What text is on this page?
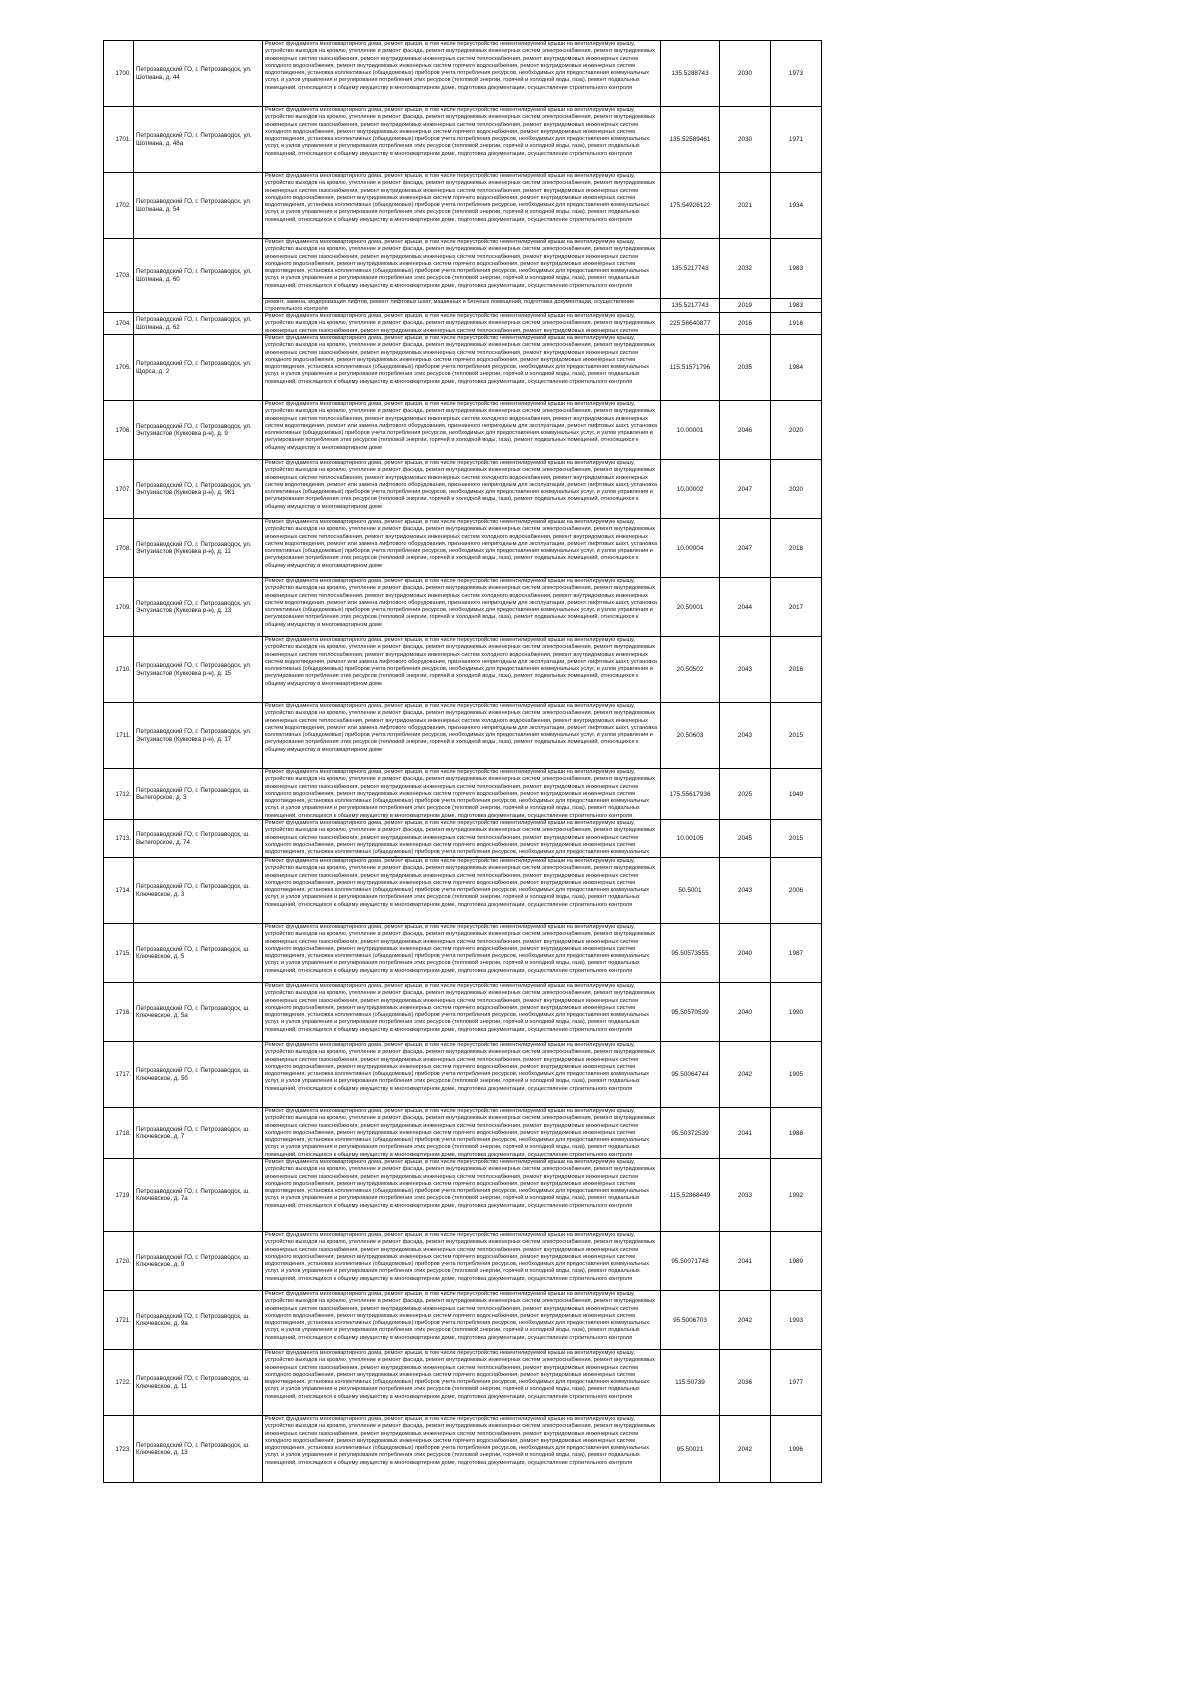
1700.	Петрозаводский ГО, г. Петрозаводск, ул. Шотмана, д. 44	Ремонт фундамента многоквартирного дома, ремонт крыши, в том числе переустройство невентилируемой крыши на вентилируемую крышу, устройство выходов на кровлю, утепление и ремонт фасада, ремонт внутридомовых инженерных систем электроснабжения, ремонт внутридомовых инженерных систем газоснабжения, ремонт внутридомовых инженерных систем теплоснабжения, ремонт внутридомовых инженерных систем холодного водоснабжения, ремонт внутридомовых инженерных систем горячего водоснабжения, ремонт внутридомовых инженерных систем водоотведения, установка коллективных (общедомовых) приборов учета потребления ресурсов, необходимых для предоставления коммунальных услуг, и узлов управления и регулирования потребления этих ресурсов (тепловой энергии, горячей и холодной воды, газа), ремонт подвальных помещений, относящихся к общему имуществу в многоквартирном доме, подготовка документации, осуществление строительного контроля	135.5288743	2030	1973
1701.	Петрозаводский ГО, г. Петрозаводск, ул. Шотмана, д. 48а	Ремонт фундамента многоквартирного дома, ремонт крыши, в том числе переустройство невентилируемой крыши на вентилируемую крышу, устройство выходов на кровлю, утепление и ремонт фасада, ремонт внутридомовых инженерных систем электроснабжения, ремонт внутридомовых инженерных систем газоснабжения, ремонт внутридомовых инженерных систем теплоснабжения, ремонт внутридомовых инженерных систем холодного водоснабжения, ремонт внутридомовых инженерных систем горячего водоснабжения, ремонт внутридомовых инженерных систем водоотведения, установка коллективных (общедомовых) приборов учета потребления ресурсов, необходимых для предоставления коммунальных услуг, и узлов управления и регулирования потребления этих ресурсов (тепловой энергии, горячей и холодной воды, газа), ремонт подвальных помещений, относящихся к общему имуществу в многоквартирном доме, подготовка документации, осуществление строительного контроля	135.52589461	2030	1971
1702.	Петрозаводский ГО, г. Петрозаводск, ул. Шотмана, д. 54	Ремонт фундамента многоквартирного дома, ремонт крыши, в том числе переустройство невентилируемой крыши на вентилируемую крышу, устройство выходов на кровлю, утепление и ремонт фасада, ремонт внутридомовых инженерных систем электроснабжения, ремонт внутридомовых инженерных систем газоснабжения, ремонт внутридомовых инженерных систем теплоснабжения, ремонт внутридомовых инженерных систем холодного водоснабжения, ремонт внутридомовых инженерных систем горячего водоснабжения, ремонт внутридомовых инженерных систем водоотведения, установка коллективных (общедомовых) приборов учета потребления ресурсов, необходимых для предоставления коммунальных услуг, и узлов управления и регулирования потребления этих ресурсов (тепловой энергии, горячей и холодной воды, газа), ремонт подвальных помещений, относящихся к общему имуществу в многоквартирном доме, подготовка документации, осуществление строительного контроля	175.54926122	2021	1934
1703.	Петрозаводский ГО, г. Петрозаводск, ул. Шотмана, д. 60	Ремонт фундамента многоквартирного дома, ремонт крыши, в том числе переустройство невентилируемой крыши на вентилируемую крышу, устройство выходов на кровлю, утепление и ремонт фасада, ремонт внутридомовых инженерных систем электроснабжения, ремонт внутридомовых инженерных систем газоснабжения, ремонт внутридомовых инженерных систем теплоснабжения, ремонт внутридомовых инженерных систем холодного водоснабжения, ремонт внутридомовых инженерных систем горячего водоснабжения, ремонт внутридомовых инженерных систем водоотведения, установка коллективных (общедомовых) приборов учета потребления ресурсов, необходимых для предоставления коммунальных услуг, и узлов управления и регулирования потребления этих ресурсов (тепловой энергии, горячей и холодной воды, газа), ремонт подвальных помещений, относящихся к общему имуществу в многоквартирном доме, подготовка документации, осуществление строительного контроля	135.5217743	2032	1983

		ремонт, замена, модернизация лифтов, ремонт лифтовых шахт, машинных и блочных помещений, подготовка документации, осуществление строительного контроля	135.5217743	2019	1983
1704.	Петрозаводский ГО, г. Петрозаводск, ул. Шотмана, д. 62	Ремонт фундамента многоквартирного дома, ремонт крыши, в том числе переустройство невентилируемой крыши на вентилируемую крышу, устройство выходов на кровлю, утепление и ремонт фасада, ремонт внутридомовых инженерных систем электроснабжения, ремонт внутридомовых инженерных систем газоснабжения, ремонт внутридомовых инженерных систем теплоснабжения, ремонт внутридомовых инженерных систем	225.56640877	2016	1916
1705.	Петрозаводский ГО, г. Петрозаводск, ул. Щорса, д. 2	Ремонт фундамента многоквартирного дома, ремонт крыши, в том числе переустройство невентилируемой крыши на вентилируемую крышу, устройство выходов на кровлю, утепление и ремонт фасада, ремонт внутридомовых инженерных систем электроснабжения, ремонт внутридомовых инженерных систем газоснабжения, ремонт внутридомовых инженерных систем теплоснабжения, ремонт внутридомовых инженерных систем холодного водоснабжения, ремонт внутридомовых инженерных систем горячего водоснабжения, ремонт внутридомовых инженерных систем водоотведения, установка коллективных (общедомовых) приборов учета потребления ресурсов, необходимых для предоставления коммунальных услуг, и узлов управления и регулирования потребления этих ресурсов (тепловой энергии, горячей и холодной воды, газа), ремонт подвальных помещений, относящихся к общему имуществу в многоквартирном доме, подготовка документации, осуществление строительного контроля	115.51571796	2035	1984
1706.	Петрозаводский ГО, г. Петрозаводск, ул. Энтузиастов (Кукковка р-н), д. 9	Ремонт фундамента многоквартирного дома, ремонт крыши, в том числе переустройство невентилируемой крыши на вентилируемую крышу, устройство выходов на кровлю, утепление и ремонт фасада, ремонт внутридомовых инженерных систем электроснабжения, ремонт внутридомовых инженерных систем теплоснабжения, ремонт внутридомовых инженерных систем холодного водоснабжения, ремонт внутридомовых инженерных систем водоотведения, ремонт или замена лифтового оборудования, признанного непригодным для эксплуатации, ремонт лифтовых шахт, установка коллективных (общедомовых) приборов учета потребления ресурсов, необходимых для предоставления коммунальных услуг, и узлов управления и регулирования потребления этих ресурсов (тепловой энергии, горячей и холодной воды, газа), ремонт подвальных помещений, относящихся к общему имуществу в многоквартирном доме	10.00001	2046	2020
1707.	Петрозаводский ГО, г. Петрозаводск, ул. Энтузиастов (Кукковка р-н), д. 9К1	Ремонт фундамента многоквартирного дома, ремонт крыши, в том числе переустройство невентилируемой крыши на вентилируемую крышу, устройство выходов на кровлю, утепление и ремонт фасада, ремонт внутридомовых инженерных систем электроснабжения, ремонт внутридомовых инженерных систем теплоснабжения, ремонт внутридомовых инженерных систем холодного водоснабжения, ремонт внутридомовых инженерных систем водоотведения, ремонт или замена лифтового оборудования, признанного непригодным для эксплуатации, ремонт лифтовых шахт, установка коллективных (общедомовых) приборов учета потребления ресурсов, необходимых для предоставления коммунальных услуг, и узлов управления и регулирования потребления этих ресурсов (тепловой энергии, горячей и холодной воды, газа), ремонт подвальных помещений, относящихся к общему имуществу в многоквартирном доме	10.00002	2047	2020
1708.	Петрозаводский ГО, г. Петрозаводск, ул. Энтузиастов (Кукковка р-н), д. 11	Ремонт фундамента многоквартирного дома, ремонт крыши, в том числе переустройство невентилируемой крыши на вентилируемую крышу, устройство выходов на кровлю, утепление и ремонт фасада, ремонт внутридомовых инженерных систем электроснабжения, ремонт внутридомовых инженерных систем теплоснабжения, ремонт внутридомовых инженерных систем холодного водоснабжения, ремонт внутридомовых инженерных систем водоотведения, ремонт или замена лифтового оборудования, признанного непригодным для эксплуатации, ремонт лифтовых шахт, установка коллективных (общедомовых) приборов учета потребления ресурсов, необходимых для предоставления коммунальных услуг, и узлов управления и регулирования потребления этих ресурсов (тепловой энергии, горячей и холодной воды, газа), ремонт подвальных помещений, относящихся к общему имуществу в многоквартирном доме	10.00004	2047	2018
1709.	Петрозаводский ГО, г. Петрозаводск, ул. Энтузиастов (Кукковка р-н), д. 13	Ремонт фундамента многоквартирного дома, ремонт крыши, в том числе переустройство невентилируемой крыши на вентилируемую крышу, устройство выходов на кровлю, утепление и ремонт фасада, ремонт внутридомовых инженерных систем электроснабжения, ремонт внутридомовых инженерных систем теплоснабжения, ремонт внутридомовых инженерных систем холодного водоснабжения, ремонт внутридомовых инженерных систем водоотведения, ремонт или замена лифтового оборудования, признанного непригодным для эксплуатации, ремонт лифтовых шахт, установка коллективных (общедомовых) приборов учета потребления ресурсов, необходимых для предоставления коммунальных услуг, и узлов управления и регулирования потребления этих ресурсов (тепловой энергии, горячей и холодной воды, газа), ремонт подвальных помещений, относящихся к общему имуществу в многоквартирном доме	20.50001	2044	2017
1710.	Петрозаводский ГО, г. Петрозаводск, ул. Энтузиастов (Кукковка р-н), д. 15	Ремонт фундамента многоквартирного дома, ремонт крыши, в том числе переустройство невентилируемой крыши на вентилируемую крышу, устройство выходов на кровлю, утепление и ремонт фасада, ремонт внутридомовых инженерных систем электроснабжения, ремонт внутридомовых инженерных систем теплоснабжения, ремонт внутридомовых инженерных систем холодного водоснабжения, ремонт внутридомовых инженерных систем водоотведения, ремонт или замена лифтового оборудования, признанного непригодным для эксплуатации, ремонт лифтовых шахт, установка коллективных (общедомовых) приборов учета потребления ресурсов, необходимых для предоставления коммунальных услуг, и узлов управления и регулирования потребления этих ресурсов (тепловой энергии, горячей и холодной воды, газа), ремонт подвальных помещений, относящихся к общему имуществу в многоквартирном доме	20.50502	2043	2016
1711.	Петрозаводский ГО, г. Петрозаводск, ул. Энтузиастов (Кукковка р-н), д. 17	Ремонт фундамента многоквартирного дома, ремонт крыши, в том числе переустройство невентилируемой крыши на вентилируемую крышу, устройство выходов на кровлю, утепление и ремонт фасада, ремонт внутридомовых инженерных систем электроснабжения, ремонт внутридомовых инженерных систем теплоснабжения, ремонт внутридомовых инженерных систем холодного водоснабжения, ремонт внутридомовых инженерных систем водоотведения, ремонт или замена лифтового оборудования, признанного непригодным для эксплуатации, ремонт лифтовых шахт, установка коллективных (общедомовых) приборов учета потребления ресурсов, необходимых для предоставления коммунальных услуг, и узлов управления и регулирования потребления этих ресурсов (тепловой энергии, горячей и холодной воды, газа), ремонт подвальных помещений, относящихся к общему имуществу в многоквартирном доме	20.50603	2043	2015
1712.	Петрозаводский ГО, г. Петрозаводск, ш. Вытегорское, д. 3	Ремонт фундамента многоквартирного дома, ремонт крыши, в том числе переустройство невентилируемой крыши на вентилируемую крышу, устройство выходов на кровлю, утепление и ремонт фасада, ремонт внутридомовых инженерных систем электроснабжения, ремонт внутридомовых инженерных систем газоснабжения, ремонт внутридомовых инженерных систем теплоснабжения, ремонт внутридомовых инженерных систем холодного водоснабжения, ремонт внутридомовых инженерных систем горячего водоснабжения, ремонт внутридомовых инженерных систем водоотведения, установка коллективных (общедомовых) приборов учета потребления ресурсов, необходимых для предоставления коммунальных услуг, и узлов управления и регулирования потребления этих ресурсов (тепловой энергии, горячей и холодной воды, газа), ремонт подвальных помещений, относящихся к общему имуществу в многоквартирном доме, подготовка документации, осуществление строительного контроля	175.55617936	2025	1949
1713.	Петрозаводский ГО, г. Петрозаводск, ш. Вытегорское, д. 74	Ремонт фундамента многоквартирного дома, ремонт крыши, в том числе переустройство невентилируемой крыши на вентилируемую крышу, устройство выходов на кровлю, утепление и ремонт фасада, ремонт внутридомовых инженерных систем электроснабжения, ремонт внутридомовых инженерных систем газоснабжения, ремонт внутридомовых инженерных систем теплоснабжения, ремонт внутридомовых инженерных систем холодного водоснабжения, ремонт внутридомовых инженерных систем горячего водоснабжения, ремонт внутридомовых инженерных систем водоотведения, установка коллективных (общедомовых) приборов учета потребления ресурсов, необходимых для предоставления коммунальных	10.00105	2045	2015
1714.	Петрозаводский ГО, г. Петрозаводск, ш. Ключевское, д. 3	Ремонт фундамента многоквартирного дома, ремонт крыши, в том числе переустройство невентилируемой крыши на вентилируемую крышу, устройство выходов на кровлю, утепление и ремонт фасада, ремонт внутридомовых инженерных систем электроснабжения, ремонт внутридомовых инженерных систем газоснабжения, ремонт внутридомовых инженерных систем теплоснабжения, ремонт внутридомовых инженерных систем холодного водоснабжения, ремонт внутридомовых инженерных систем горячего водоснабжения, ремонт внутридомовых инженерных систем водоотведения, установка коллективных (общедомовых) приборов учета потребления ресурсов, необходимых для предоставления коммунальных услуг, и узлов управления и регулирования потребления этих ресурсов (тепловой энергии, горячей и холодной воды, газа), ремонт подвальных помещений, относящихся к общему имуществу в многоквартирном доме, подготовка документации, осуществление строительного контроля	50.5001	2043	2006
1715.	Петрозаводский ГО, г. Петрозаводск, ш. Ключевское, д. 5	Ремонт фундамента многоквартирного дома, ремонт крыши, в том числе переустройство невентилируемой крыши на вентилируемую крышу, устройство выходов на кровлю, утепление и ремонт фасада, ремонт внутридомовых инженерных систем электроснабжения, ремонт внутридомовых инженерных систем газоснабжения, ремонт внутридомовых инженерных систем теплоснабжения, ремонт внутридомовых инженерных систем холодного водоснабжения, ремонт внутридомовых инженерных систем горячего водоснабжения, ремонт внутридомовых инженерных систем водоотведения, установка коллективных (общедомовых) приборов учета потребления ресурсов, необходимых для предоставления коммунальных услуг, и узлов управления и регулирования потребления этих ресурсов (тепловой энергии, горячей и холодной воды, газа), ремонт подвальных помещений, относящихся к общему имуществу в многоквартирном доме, подготовка документации, осуществление строительного контроля	95.50573555	2040	1987
1716.	Петрозаводский ГО, г. Петрозаводск, ш. Ключевское, д. 5а	Ремонт фундамента многоквартирного дома, ремонт крыши, в том числе переустройство невентилируемой крыши на вентилируемую крышу, устройство выходов на кровлю, утепление и ремонт фасада, ремонт внутридомовых инженерных систем электроснабжения, ремонт внутридомовых инженерных систем газоснабжения, ремонт внутридомовых инженерных систем теплоснабжения, ремонт внутридомовых инженерных систем холодного водоснабжения, ремонт внутридомовых инженерных систем горячего водоснабжения, ремонт внутридомовых инженерных систем водоотведения, установка коллективных (общедомовых) приборов учета потребления ресурсов, необходимых для предоставления коммунальных услуг, и узлов управления и регулирования потребления этих ресурсов (тепловой энергии, горячей и холодной воды, газа), ремонт подвальных помещений, относящихся к общему имуществу в многоквартирном доме, подготовка документации, осуществление строительного контроля	95.50570539	2040	1990
1717.	Петрозаводский ГО, г. Петрозаводск, ш. Ключевское, д. 5б	Ремонт фундамента многоквартирного дома, ремонт крыши, в том числе переустройство невентилируемой крыши на вентилируемую крышу, устройство выходов на кровлю, утепление и ремонт фасада, ремонт внутридомовых инженерных систем электроснабжения, ремонт внутридомовых инженерных систем газоснабжения, ремонт внутридомовых инженерных систем теплоснабжения, ремонт внутридомовых инженерных систем холодного водоснабжения, ремонт внутридомовых инженерных систем горячего водоснабжения, ремонт внутридомовых инженерных систем водоотведения, установка коллективных (общедомовых) приборов учета потребления ресурсов, необходимых для предоставления коммунальных услуг, и узлов управления и регулирования потребления этих ресурсов (тепловой энергии, горячей и холодной воды, газа), ремонт подвальных помещений, относящихся к общему имуществу в многоквартирном доме, подготовка документации, осуществление строительного контроля	95.50064744	2042	1995
1718.	Петрозаводский ГО, г. Петрозаводск, ш. Ключевское, д. 7	Ремонт фундамента многоквартирного дома, ремонт крыши, в том числе переустройство невентилируемой крыши на вентилируемую крышу, устройство выходов на кровлю, утепление и ремонт фасада, ремонт внутридомовых инженерных систем электроснабжения, ремонт внутридомовых инженерных систем газоснабжения, ремонт внутридомовых инженерных систем теплоснабжения, ремонт внутридомовых инженерных систем холодного водоснабжения, ремонт внутридомовых инженерных систем горячего водоснабжения, ремонт внутридомовых инженерных систем водоотведения, установка коллективных (общедомовых) приборов учета потребления ресурсов, необходимых для предоставления коммунальных услуг, и узлов управления и регулирования потребления этих ресурсов (тепловой энергии, горячей и холодной воды, газа), ремонт подвальных помещений, относящихся к общему имуществу в многоквартирном доме, подготовка документации, осуществление строительного контроля	95.50372539	2041	1988
1719.	Петрозаводский ГО, г. Петрозаводск, ш. Ключевское, д. 7а	Ремонт фундамента многоквартирного дома, ремонт крыши, в том числе переустройство невентилируемой крыши на вентилируемую крышу, устройство выходов на кровлю, утепление и ремонт фасада, ремонт внутридомовых инженерных систем электроснабжения, ремонт внутридомовых инженерных систем газоснабжения, ремонт внутридомовых инженерных систем теплоснабжения, ремонт внутридомовых инженерных систем холодного водоснабжения, ремонт внутридомовых инженерных систем горячего водоснабжения, ремонт внутридомовых инженерных систем водоотведения, установка коллективных (общедомовых) приборов учета потребления ресурсов, необходимых для предоставления коммунальных услуг, и узлов управления и регулирования потребления этих ресурсов (тепловой энергии, горячей и холодной воды, газа), ремонт подвальных помещений, относящихся к общему имуществу в многоквартирном доме, подготовка документации, осуществление строительного контроля	115.52868449	2033	1992
1720.	Петрозаводский ГО, г. Петрозаводск, ш. Ключевское, д. 9	Ремонт фундамента многоквартирного дома, ремонт крыши, в том числе переустройство невентилируемой крыши на вентилируемую крышу, устройство выходов на кровлю, утепление и ремонт фасада, ремонт внутридомовых инженерных систем электроснабжения, ремонт внутридомовых инженерных систем газоснабжения, ремонт внутридомовых инженерных систем теплоснабжения, ремонт внутридомовых инженерных систем холодного водоснабжения, ремонт внутридомовых инженерных систем горячего водоснабжения, ремонт внутридомовых инженерных систем водоотведения, установка коллективных (общедомовых) приборов учета потребления ресурсов, необходимых для предоставления коммунальных услуг, и узлов управления и регулирования потребления этих ресурсов (тепловой энергии, горячей и холодной воды, газа), ремонт подвальных помещений, относящихся к общему имуществу в многоквартирном доме, подготовка документации, осуществление строительного контроля	95.50071748	2041	1989
1721.	Петрозаводский ГО, г. Петрозаводск, ш. Ключевское, д. 9а	Ремонт фундамента многоквартирного дома, ремонт крыши, в том числе переустройство невентилируемой крыши на вентилируемую крышу, устройство выходов на кровлю, утепление и ремонт фасада, ремонт внутридомовых инженерных систем электроснабжения, ремонт внутридомовых инженерных систем газоснабжения, ремонт внутридомовых инженерных систем теплоснабжения, ремонт внутридомовых инженерных систем холодного водоснабжения, ремонт внутридомовых инженерных систем горячего водоснабжения, ремонт внутридомовых инженерных систем водоотведения, установка коллективных (общедомовых) приборов учета потребления ресурсов, необходимых для предоставления коммунальных услуг, и узлов управления и регулирования потребления этих ресурсов (тепловой энергии, горячей и холодной воды, газа), ремонт подвальных помещений, относящихся к общему имуществу в многоквартирном доме, подготовка документации, осуществление строительного контроля	95.5006703	2042	1993
1722.	Петрозаводский ГО, г. Петрозаводск, ш. Ключевское, д. 11	Ремонт фундамента многоквартирного дома, ремонт крыши, в том числе переустройство невентилируемой крыши на вентилируемую крышу, устройство выходов на кровлю, утепление и ремонт фасада, ремонт внутридомовых инженерных систем электроснабжения, ремонт внутридомовых инженерных систем газоснабжения, ремонт внутридомовых инженерных систем теплоснабжения, ремонт внутридомовых инженерных систем холодного водоснабжения, ремонт внутридомовых инженерных систем горячего водоснабжения, ремонт внутридомовых инженерных систем водоотведения, установка коллективных (общедомовых) приборов учета потребления ресурсов, необходимых для предоставления коммунальных услуг, и узлов управления и регулирования потребления этих ресурсов (тепловой энергии, горячей и холодной воды, газа), ремонт подвальных помещений, относящихся к общему имуществу в многоквартирном доме, подготовка документации, осуществление строительного контроля	115.50739	2036	1977
1723.	Петрозаводский ГО, г. Петрозаводск, ш. Ключевское, д. 13	Ремонт фундамента многоквартирного дома, ремонт крыши, в том числе переустройство невентилируемой крыши на вентилируемую крышу, устройство выходов на кровлю, утепление и ремонт фасада, ремонт внутридомовых инженерных систем электроснабжения, ремонт внутридомовых инженерных систем газоснабжения, ремонт внутридомовых инженерных систем теплоснабжения, ремонт внутридомовых инженерных систем холодного водоснабжения, ремонт внутридомовых инженерных систем горячего водоснабжения, ремонт внутридомовых инженерных систем водоотведения, установка коллективных (общедомовых) приборов учета потребления ресурсов, необходимых для предоставления коммунальных услуг, и узлов управления и регулирования потребления этих ресурсов (тепловой энергии, горячей и холодной воды, газа), ремонт подвальных помещений, относящихся к общему имуществу в многоквартирном доме, подготовка документации, осуществление строительного контроля	95.50021	2042	1996
